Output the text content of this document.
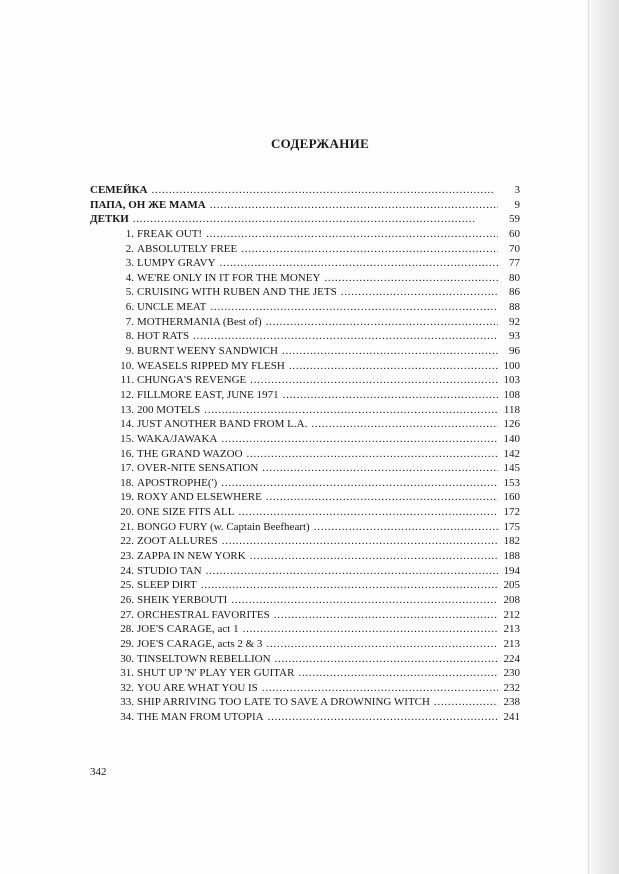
СОДЕРЖАНИЕ
СЕМЕЙКА . . .	3
ПАПА, ОН ЖЕ МАМА . . .	9
ДЕТКИ . . .	59
1. FREAK OUT! . . .	60
2. ABSOLUTELY FREE . . .	70
3. LUMPY GRAVY . . .	77
4. WE'RE ONLY IN IT FOR THE MONEY . . .	80
5. CRUISING WITH RUBEN AND THE JETS . . .	86
6. UNCLE MEAT . . .	88
7. MOTHERMANIA (Best of) . . .	92
8. HOT RATS . . .	93
9. BURNT WEENY SANDWICH . . .	96
10. WEASELS RIPPED MY FLESH . . .	100
11. CHUNGA'S REVENGE . . .	103
12. FILLMORE EAST, JUNE 1971 . . .	108
13. 200 MOTELS . . .	118
14. JUST ANOTHER BAND FROM L.A. . . .	126
15. WAKA/JAWAKA . . .	140
16. THE GRAND WAZOO . . .	142
17. OVER-NITE SENSATION . . .	145
18. APOSTROPHE(') . . .	153
19. ROXY AND ELSEWHERE . . .	160
20. ONE SIZE FITS ALL . . .	172
21. BONGO FURY (w. Captain Beefheart) . . .	175
22. ZOOT ALLURES . . .	182
23. ZAPPA IN NEW YORK . . .	188
24. STUDIO TAN . . .	194
25. SLEEP DIRT . . .	205
26. SHEIK YERBOUTI . . .	208
27. ORCHESTRAL FAVORITES . . .	212
28. JOE'S CARAGE, act 1 . . .	213
29. JOE'S CARAGE, acts 2 & 3 . . .	213
30. TINSELTOWN REBELLION . . .	224
31. SHUT UP 'N' PLAY YER GUITAR . . .	230
32. YOU ARE WHAT YOU IS . . .	232
33. SHIP ARRIVING TOO LATE TO SAVE A DROWNING WITCH . . .	238
34. THE MAN FROM UTOPIA . . .	241
342
